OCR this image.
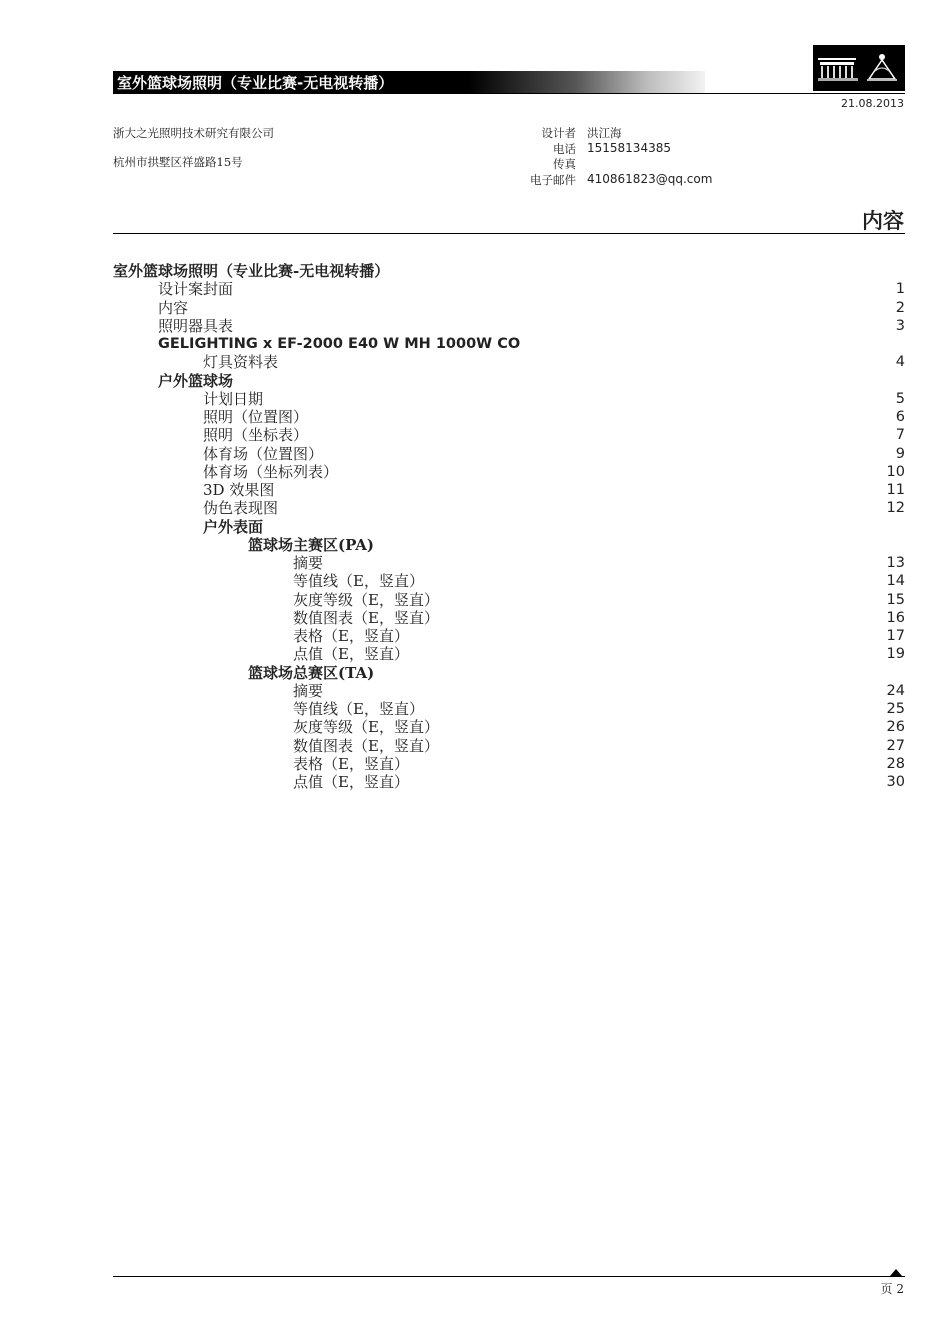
室外篮球场照明（专业比赛-无电视转播）
21.08.2013
浙大之光照明技术研究有限公司
杭州市拱墅区祥盛路15号
设计者 洪江海
电话 15158134385
传真
电子邮件 410861823@qq.com
内容
室外篮球场照明（专业比赛-无电视转播）
设计案封面	1
内容	2
照明器具表	3
GELIGHTING x EF-2000 E40 W MH 1000W CO
灯具资料表	4
户外篮球场
计划日期	5
照明（位置图）	6
照明（坐标表）	7
体育场（位置图）	9
体育场（坐标列表）	10
3D 效果图	11
伪色表现图	12
户外表面
篮球场主赛区(PA)
摘要	13
等值线（E，竖直）	14
灰度等级（E，竖直）	15
数值图表（E，竖直）	16
表格（E，竖直）	17
点值（E，竖直）	19
篮球场总赛区(TA)
摘要	24
等值线（E，竖直）	25
灰度等级（E，竖直）	26
数值图表（E，竖直）	27
表格（E，竖直）	28
点值（E，竖直）	30
页 2
